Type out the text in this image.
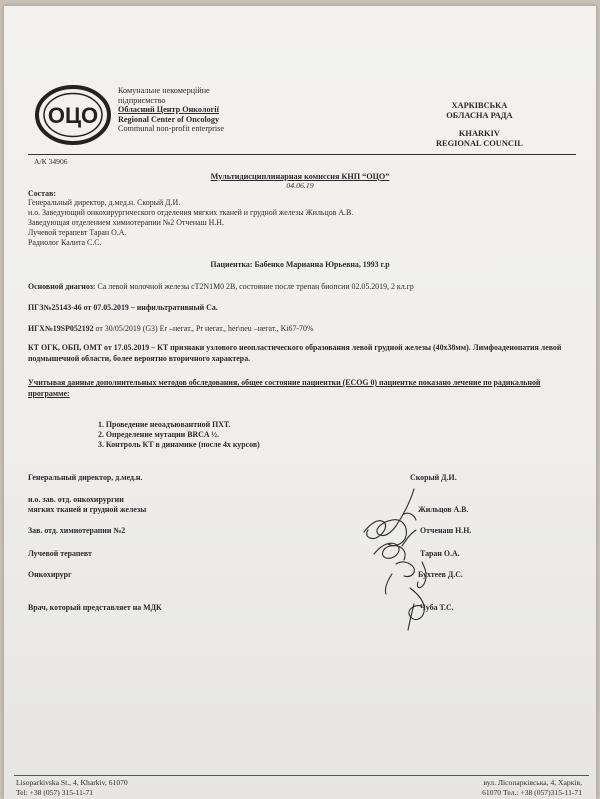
ОЦО
Комунальне некомерційне
підприємство
Обласний Центр Онкології
Regional Center of Oncology
Communal non-profit enterprise
ХАРКІВСЬКА
ОБЛАСНА РАДА
KHARKIV
REGIONAL COUNCIL
А/К 34906
Мультидисциплинарная комиссия КНП “ОЦО”
04.06.19
Состав:
Генеральный директор, д.мед.н. Скорый Д.И.
и.о. Заведующий онкохирургического отделения мягких тканей и грудной железы Жильцов А.В.
Заведующая отделением химиотерапии №2 Отченаш Н.Н.
Лучевой терапевт Таран О.А.
Радиолог Калита С.С.
Пациентка: Бабенко Марианна Юрьевна, 1993 г.р
Основной диагноз: Са левой молочной железы cT2N1M0 2B, состояние после трепан биопсии 02.05.2019, 2 кл.гр
ПГЗ№25143-46 от 07.05.2019 – инфильтративный Са.
ИГХ№19SP052192 от 30/05/2019 (G3) Er –негат., Pr негат., her\neu –негат., Ki67-70%
КТ ОГК, ОБП, ОМТ от 17.05.2019 – КТ признаки узлового неопластического образования левой грудной железы (40х38мм). Лимфоаденопатия левой подмышечной области, более вероятно вторичного характера.
Учитывая данные дополнительных методов обследования, общее состояние пациентки (ECOG 0) пациентке показано лечение по радикальной программе:
1. Проведение неоадъювантной ПХТ.
2. Определение мутации BRCA ½.
3. Контроль КТ в динамике (после 4х курсов)
Генеральный директор, д.мед.н.	Скорый Д.И.
и.о. зав. отд. онкохирургии
мягких тканей и грудной железы	Жильцов А.В.
Зав. отд. химиотерапии №2	Отченаш Н.Н.
Лучевой терапевт	Таран О.А.
Онкохирург	Бухтеев Д.С.
Врач, который представляет на МДК	Чуба Т.С.
Lisoparkivska St., 4, Kharkiv, 61070
Tel: +38 (057) 315-11-71
вул. Лісопарківська, 4, Харків,
61070 Тел.: +38 (057)315-11-71
